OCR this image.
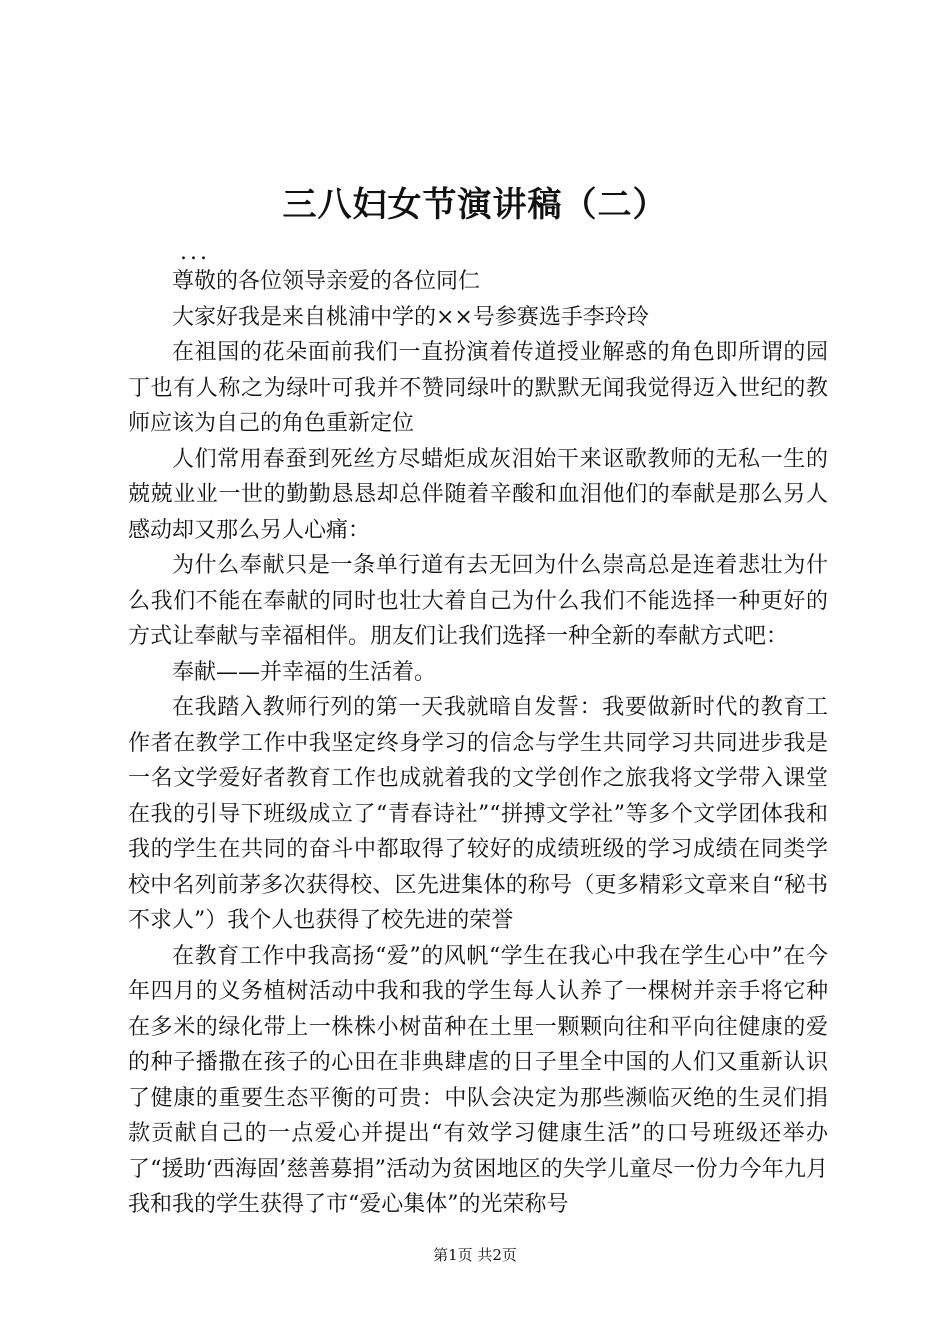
三八妇女节演讲稿（二）
...

尊敬的各位领导亲爱的各位同仁

大家好我是来自桃浦中学的××号参赛选手李玲玲

在祖国的花朵面前我们一直扮演着传道授业解惑的角色即所谓的园丁也有人称之为绿叶可我并不赞同绿叶的默默无闻我觉得迈入世纪的教师应该为自己的角色重新定位

人们常用春蚕到死丝方尽蜡炬成灰泪始干来讴歌教师的无私一生的兢兢业业一世的勤勤恳恳却总伴随着辛酸和血泪他们的奉献是那么另人感动却又那么另人心痛：

为什么奉献只是一条单行道有去无回为什么崇高总是连着悲壮为什么我们不能在奉献的同时也壮大着自己为什么我们不能选择一种更好的方式让奉献与幸福相伴。朋友们让我们选择一种全新的奉献方式吧：

奉献——并幸福的生活着。

在我踏入教师行列的第一天我就暗自发誓：我要做新时代的教育工作者在教学工作中我坚定终身学习的信念与学生共同学习共同进步我是一名文学爱好者教育工作也成就着我的文学创作之旅我将文学带入课堂在我的引导下班级成立了“青春诗社”“拼搏文学社”等多个文学团体我和我的学生在共同的奋斗中都取得了较好的成绩班级的学习成绩在同类学校中名列前茅多次获得校、区先进集体的称号（更多精彩文章来自“秘书不求人”）我个人也获得了校先进的荣誉

在教育工作中我高扬“爱”的风帆“学生在我心中我在学生心中”在今年四月的义务植树活动中我和我的学生每人认养了一棵树并亲手将它种在多米的绿化带上一株株小树苗种在土里一颗颗向往和平向往健康的爱的种子播撒在孩子的心田在非典肆虐的日子里全中国的人们又重新认识了健康的重要生态平衡的可贵：中队会决定为那些濒临灭绝的生灵们捐款贡献自己的一点爱心并提出“有效学习健康生活”的口号班级还举办了“援助‘西海固’慈善募捐”活动为贫困地区的失学儿童尽一份力今年九月我和我的学生获得了市“爱心集体”的光荣称号

第1页 共2页
